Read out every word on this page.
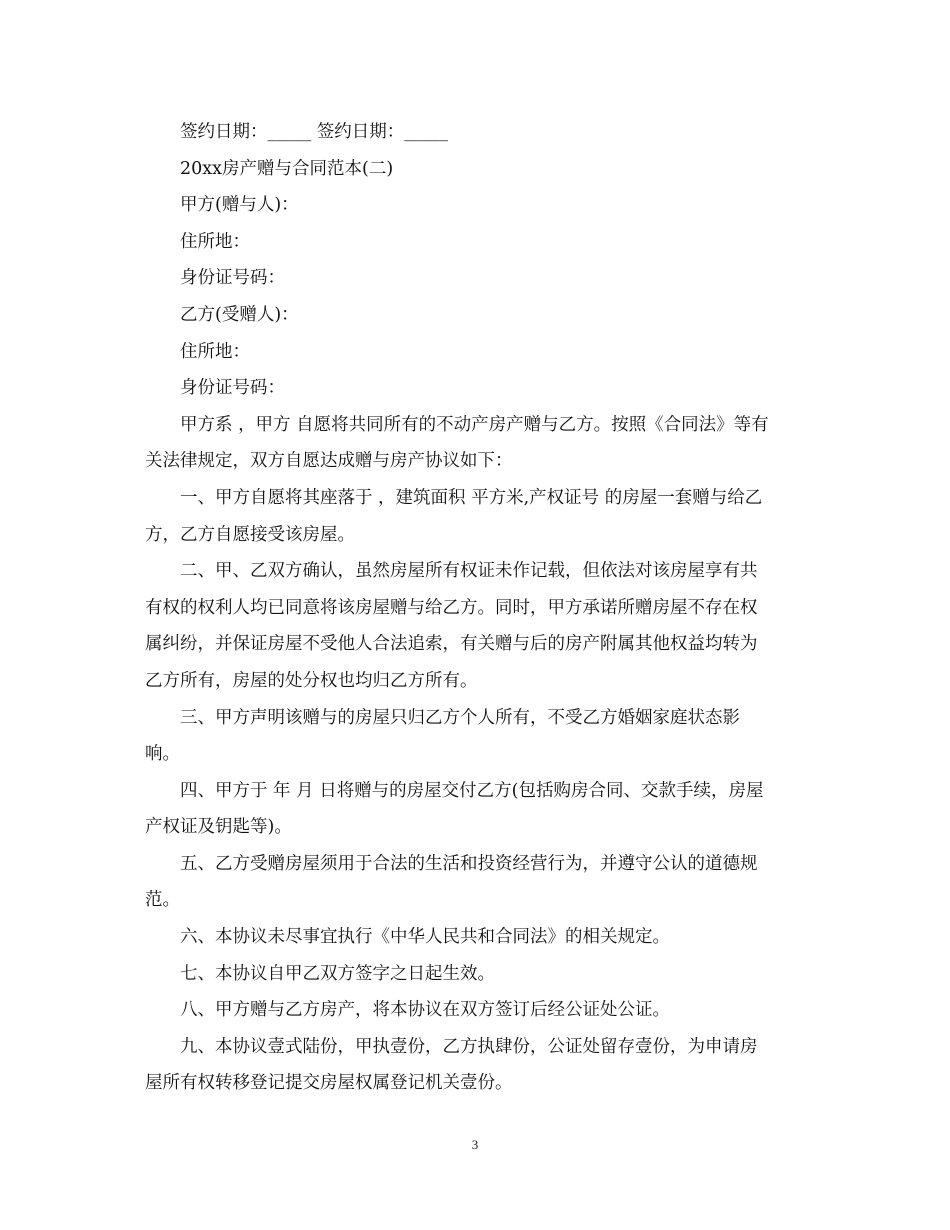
签约日期：_____ 签约日期：_____
20xx房产赠与合同范本(二)
甲方(赠与人)：
住所地：
身份证号码：
乙方(受赠人)：
住所地：
身份证号码：
甲方系 ，甲方 自愿将共同所有的不动产房产赠与乙方。按照《合同法》等有
关法律规定，双方自愿达成赠与房产协议如下：
一、甲方自愿将其座落于 ，建筑面积 平方米,产权证号 的房屋一套赠与给乙
方，乙方自愿接受该房屋。
二、甲、乙双方确认，虽然房屋所有权证未作记载，但依法对该房屋享有共
有权的权利人均已同意将该房屋赠与给乙方。同时，甲方承诺所赠房屋不存在权
属纠纷，并保证房屋不受他人合法追索，有关赠与后的房产附属其他权益均转为
乙方所有，房屋的处分权也均归乙方所有。
三、甲方声明该赠与的房屋只归乙方个人所有，不受乙方婚姻家庭状态影
响。
四、甲方于 年 月 日将赠与的房屋交付乙方(包括购房合同、交款手续，房屋
产权证及钥匙等)。
五、乙方受赠房屋须用于合法的生活和投资经营行为，并遵守公认的道德规
范。
六、本协议未尽事宜执行《中华人民共和合同法》的相关规定。
七、本协议自甲乙双方签字之日起生效。
八、甲方赠与乙方房产，将本协议在双方签订后经公证处公证。
九、本协议壹式陆份，甲执壹份，乙方执肆份，公证处留存壹份，为申请房
屋所有权转移登记提交房屋权属登记机关壹份。
3
